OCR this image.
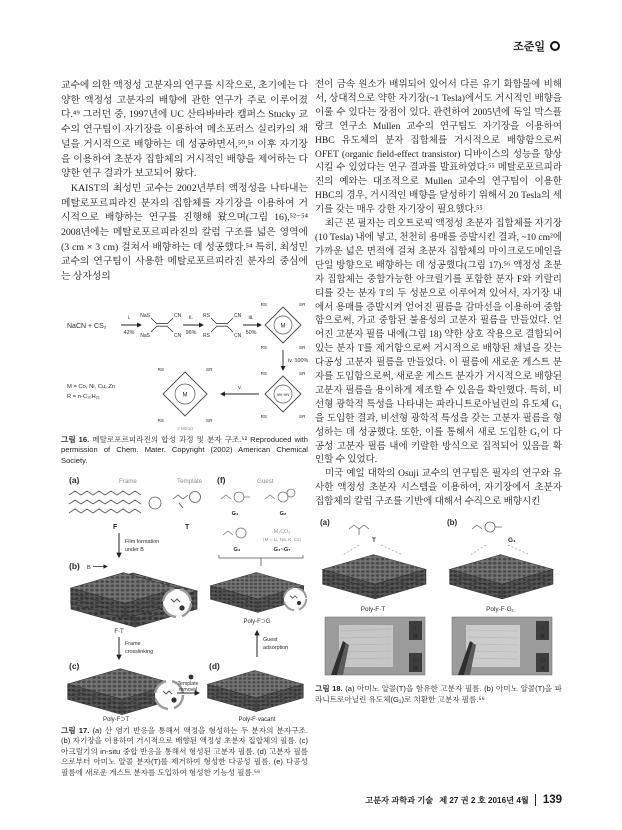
조준일

교수에 의한 액정성 고분자의 연구를 시작으로, 초기에는 다양한 액정성 고분자의 배향에 관한 연구가 주로 이루어졌다.⁴⁹ 그러던 중, 1997년에 UC 산타바바라 캠퍼스 Stucky 교수의 연구팀이 자기장을 이용하여 메소포러스 실리카의 채널을 거시적으로 배향하는 데 성공하면서,⁵⁰,⁵¹ 이후 자기장을 이용하여 초분자 집합체의 거시적인 배향을 제어하는 다양한 연구 결과가 보고되어 왔다.

KAIST의 최성민 교수는 2002년부터 액정성을 나타내는 메탈로포르피라진 분자의 집합체를 자기장을 이용하여 거시적으로 배향하는 연구를 진행해 왔으며(그림 16),⁵²⁻⁵⁴ 2008년에는 메탈로포르피라진의 칼럼 구조를 넓은 영역에(3 cm × 3 cm) 걸쳐서 배향하는 데 성공했다.⁵⁴ 특히, 최성민 교수의 연구팀이 사용한 메탈로포르피라진 분자의 중심에는 상자성의

NaCN + CS₂
i.
42%
NaS	CN
NaS	CN
ii.
96%
RS	CN
RS	CN
iii.
50%
M
RS	SR
RS	SR
iv. 100%
NH HN
RS	SR
RS	SR
v.
M
RS	SR
RS	SR
M = Co, Ni, Cu, Zn
R = n-C₁₀H₂₁
≡ MS10
그림 16. 메탈로포르피라진의 합성 과정 및 분자 구조.⁵² Reproduced with permission of Chem. Mater. Copyright (2002) American Chemical Society.
(a)	Frame	Template
F	T
(f)	Guest
G₁	G₂
G₃
M₂CO₃
(M = Li, Na, K, Cs)
G₄~G₇
Film formation
under B
(b) B
F·T
Frame
crosslinking
(c)
Poly-F⊃T
Poly-F⊃G
Guest
adsorption
Template
removal
(d)
Poly-F·vacant
그림 17. (a) 산 염기 반응을 통해서 액정을 형성하는 두 분자의 분자구조. (b) 자기장을 이용하여 거시적으로 배향된 액정성 초분자 집합체의 필름. (c) 아크릴기의 in-situ 중합 반응을 통해서 형성된 고분자 필름. (d) 고분자 필름으로부터 아미노 알콜 분자(T)를 제거하여 형성한 다공성 필름. (e) 다공성 필름에 새로운 게스트 분자를 도입하여 형성한 기능성 필름.⁵⁶

전이 금속 원소가 배위되어 있어서 다른 유기 화합물에 비해서, 상대적으로 약한 자기장(~1 Tesla)에서도 거시적인 배향을 이룰 수 있다는 장점이 있다. 관련하여 2005년에 독일 막스플랑크 연구소 Mullen 교수의 연구팀도 자기장을 이용하여 HBC 유도체의 분자 집합체를 거시적으로 배향함으로써 OFET (organic field-effect transistor) 디바이스의 성능을 향상시킬 수 있었다는 연구 결과를 발표하였다.⁵⁵ 메탈로포르피라진의 예와는 대조적으로 Mullen 교수의 연구팀이 이용한 HBC의 경우, 거시적인 배향을 달성하기 위해서 20 Tesla의 세기를 갖는 매우 강한 자기장이 필요했다.⁵⁵

최근 본 필자는 리오트로픽 액정성 초분자 집합체를 자기장(10 Tesla) 내에 넣고, 천천히 용매를 증발시킨 결과, ~10 cm²에 가까운 넓은 면적에 걸쳐 초분자 집합체의 마이크로도메인을 단일 방향으로 배향하는 데 성공했다(그림 17).⁵⁶ 액정성 초분자 집합체는 중합가능한 아크릴기를 포함한 분자 F와 키랄리티를 갖는 분자 T의 두 성분으로 이루어져 있어서, 자기장 내에서 용매를 증발시켜 얻어진 필름을 감마선을 이용하여 중합함으로써, 가교 중합된 불용성의 고분자 필름을 만들었다. 얻어진 고분자 필름 내에(그림 18) 약한 상호 작용으로 결합되어 있는 분자 T를 제거함으로써 거시적으로 배향된 채널을 갖는 다공성 고분자 필름을 만들었다. 이 필름에 새로운 게스트 분자를 도입함으로써, 새로운 게스트 분자가 거시적으로 배향된 고분자 필름을 용이하게 제조할 수 있음을 확인했다. 특히, 비선형 광학적 특성을 나타내는 파라니트로아닐린의 유도체 G₁을 도입한 결과, 비선형 광학적 특성을 갖는 고분자 필름을 형성하는 데 성공했다. 또한, 이를 통해서 새로 도입한 G₁이 다공성 고분자 필름 내에 키랄한 방식으로 집적되어 있음을 확인할 수 있었다.

미국 예일 대학의 Osuji 교수의 연구팀은 필자의 연구와 유사한 액정성 초분자 시스템을 이용하여, 자기장에서 초분자 집합체의 칼럼 구조를 기반에 대해서 수직으로 배향시킨

(a)
T
Poly-F·T
↑
B
⊙
N
(b)
G₁
Poly-F·G₁
↑
B
⊙
N
그림 18. (a) 아미노 알콜(T)을 함유한 고분자 필름. (b) 아미노 알콜(T)을 파라니트로아닐린 유도체(G₁)로 치환한 고분자 필름.⁵⁶
고분자 과학과 기술 제 27 권 2 호 2016년 4월	139
